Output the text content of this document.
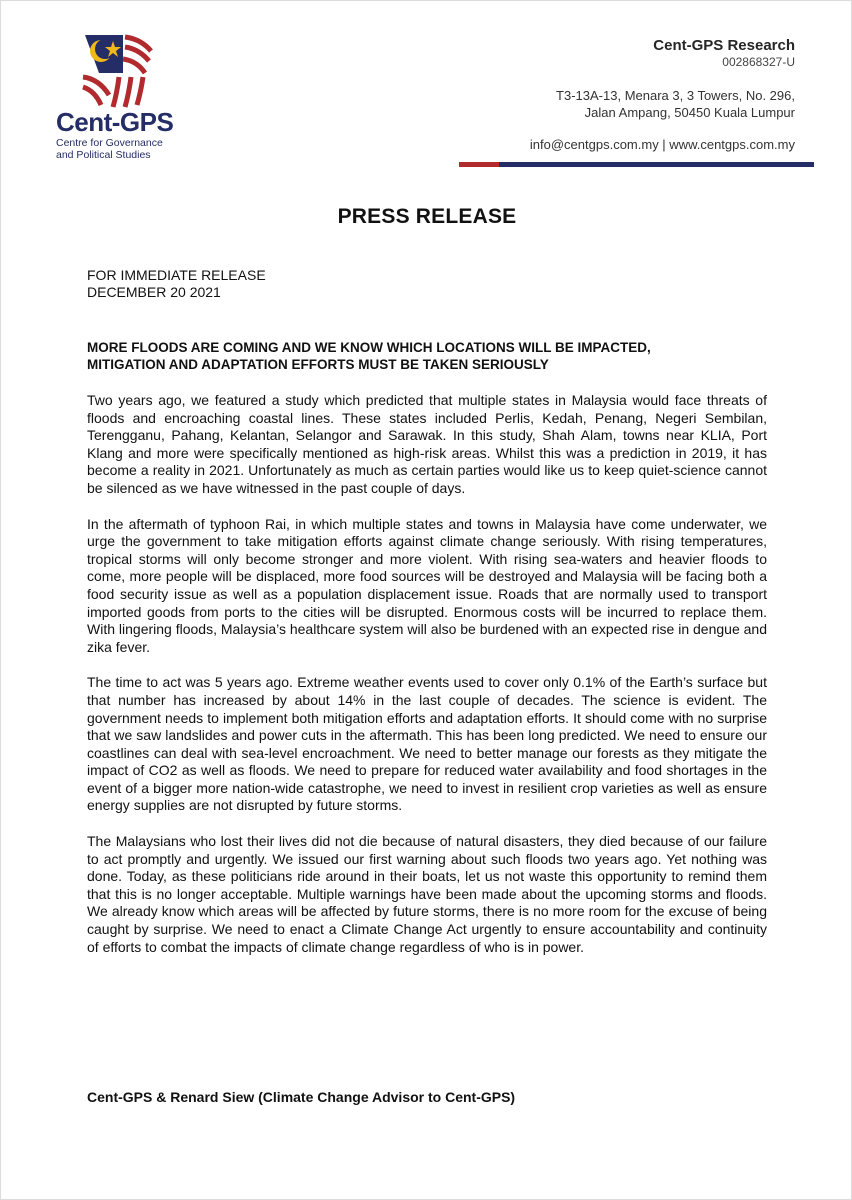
Cent-GPS
Centre for Governance
and Political Studies
Cent-GPS Research
002868327-U
T3-13A-13, Menara 3, 3 Towers, No. 296,
Jalan Ampang, 50450 Kuala Lumpur
info@centgps.com.my | www.centgps.com.my
PRESS RELEASE
FOR IMMEDIATE RELEASE
DECEMBER 20 2021
MORE FLOODS ARE COMING AND WE KNOW WHICH LOCATIONS WILL BE IMPACTED,
MITIGATION AND ADAPTATION EFFORTS MUST BE TAKEN SERIOUSLY

Two years ago, we featured a study which predicted that multiple states in Malaysia would face threats of floods and encroaching coastal lines. These states included Perlis, Kedah, Penang, Negeri Sembilan, Terengganu, Pahang, Kelantan, Selangor and Sarawak. In this study, Shah Alam, towns near KLIA, Port Klang and more were specifically mentioned as high-risk areas. Whilst this was a prediction in 2019, it has become a reality in 2021. Unfortunately as much as certain parties would like us to keep quiet-science cannot be silenced as we have witnessed in the past couple of days.

In the aftermath of typhoon Rai, in which multiple states and towns in Malaysia have come underwater, we urge the government to take mitigation efforts against climate change seriously. With rising temperatures, tropical storms will only become stronger and more violent. With rising sea-waters and heavier floods to come, more people will be displaced, more food sources will be destroyed and Malaysia will be facing both a food security issue as well as a population displacement issue. Roads that are normally used to transport imported goods from ports to the cities will be disrupted. Enormous costs will be incurred to replace them. With lingering floods, Malaysia’s healthcare system will also be burdened with an expected rise in dengue and zika fever.

The time to act was 5 years ago. Extreme weather events used to cover only 0.1% of the Earth’s surface but that number has increased by about 14% in the last couple of decades. The science is evident. The government needs to implement both mitigation efforts and adaptation efforts. It should come with no surprise that we saw landslides and power cuts in the aftermath. This has been long predicted. We need to ensure our coastlines can deal with sea-level encroachment. We need to better manage our forests as they mitigate the impact of CO2 as well as floods. We need to prepare for reduced water availability and food shortages in the event of a bigger more nation-wide catastrophe, we need to invest in resilient crop varieties as well as ensure energy supplies are not disrupted by future storms.

The Malaysians who lost their lives did not die because of natural disasters, they died because of our failure to act promptly and urgently. We issued our first warning about such floods two years ago. Yet nothing was done. Today, as these politicians ride around in their boats, let us not waste this opportunity to remind them that this is no longer acceptable. Multiple warnings have been made about the upcoming storms and floods. We already know which areas will be affected by future storms, there is no more room for the excuse of being caught by surprise. We need to enact a Climate Change Act urgently to ensure accountability and continuity of efforts to combat the impacts of climate change regardless of who is in power.

Cent-GPS & Renard Siew (Climate Change Advisor to Cent-GPS)
